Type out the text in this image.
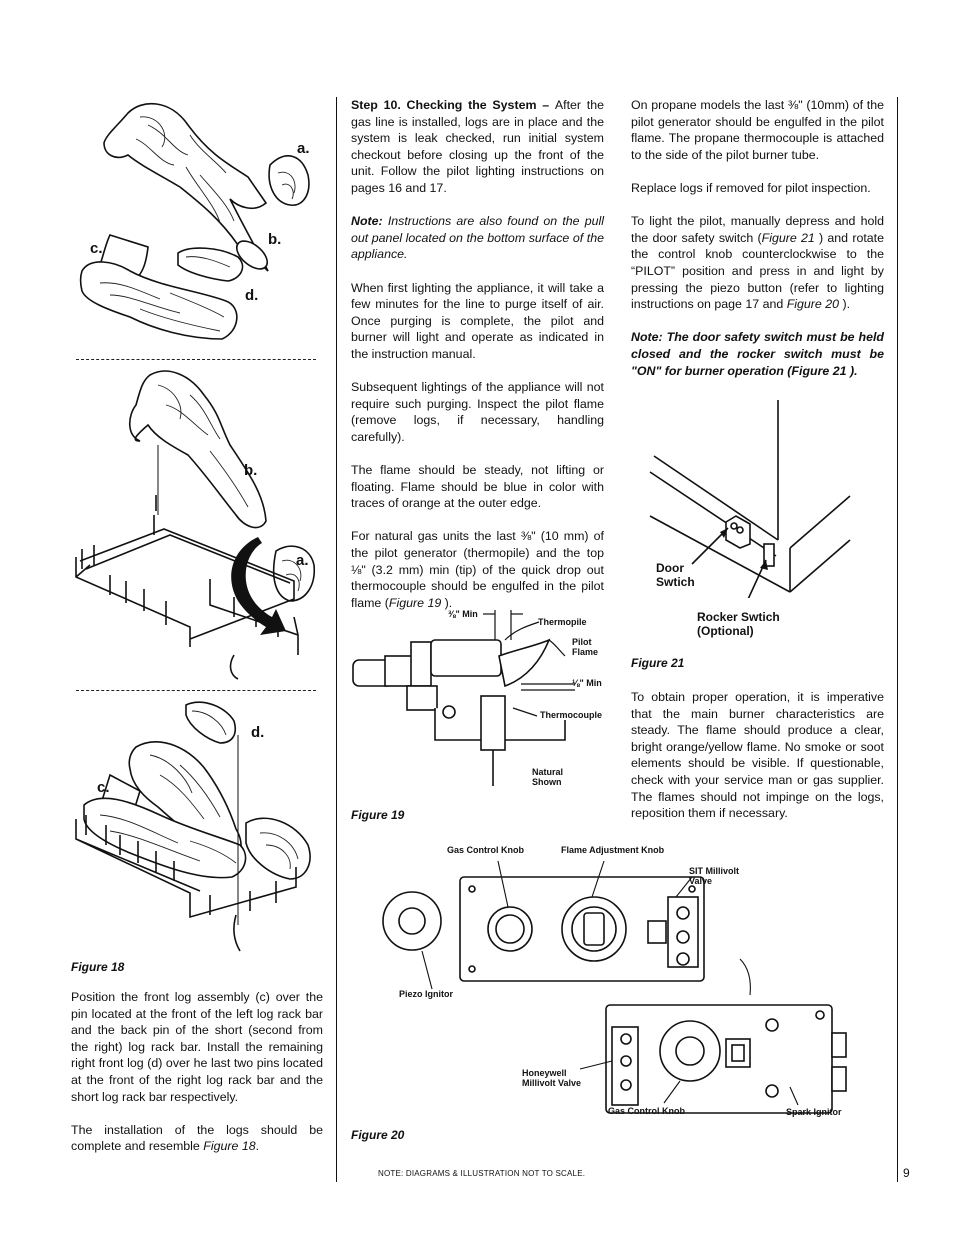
a.
b.
c.
d.
b.
a.
d.
c.
Figure 18

Position the front log assembly (c) over the pin located at the front of the left log rack bar and the back pin of the short (second from the right) log rack bar. Install the remaining right front log (d) over he last two pins located at the front of the right log rack bar and the short log rack bar respectively.

The installation of the logs should be complete and resemble Figure 18.

Step 10. Checking the System – After the gas line is installed, logs are in place and the system is leak checked, run initial system checkout before closing up the front of the unit. Follow the pilot lighting instructions on pages 16 and 17.

Note: Instructions are also found on the pull out panel located on the bottom surface of the appliance.

When first lighting the appliance, it will take a few minutes for the line to purge itself of air. Once purging is complete, the pilot and burner will light and operate as indicated in the instruction manual.

Subsequent lightings of the appliance will not require such purging. Inspect the pilot flame (remove logs, if necessary, handling carefully).

The flame should be steady, not lifting or floating. Flame should be blue in color with traces of orange at the outer edge.

For natural gas units the last ⅜" (10 mm) of the pilot generator (thermopile) and the top ⅛" (3.2 mm) min (tip) of the quick drop out thermocouple should be engulfed in the pilot flame (Figure 19 ).

⅜" Min
Thermopile
Pilot
Flame
⅛" Min
Thermocouple
Natural
Shown
Figure 19

On propane models the last ⅜" (10mm) of the pilot generator should be engulfed in the pilot flame. The propane thermocouple is attached to the side of the pilot burner tube.

Replace logs if removed for pilot inspection.

To light the pilot, manually depress and hold the door safety switch (Figure 21 ) and rotate the control knob counterclockwise to the “PILOT” position and press in and light by pressing the piezo button (refer to lighting instructions on page 17 and Figure 20 ).

Note: The door safety switch must be held closed and the rocker switch must be "ON" for burner operation (Figure 21 ).

Door
Swtich
Rocker Swtich
(Optional)
Figure 21

To obtain proper operation, it is imperative that the main burner characteristics are steady. The flame should produce a clear, bright orange/yellow flame. No smoke or soot elements should be visible. If questionable, check with your service man or gas supplier. The flames should not impinge on the logs, reposition them if necessary.

Gas Control Knob	Flame Adjustment Knob
SIT Millivolt
Valve
Piezo Ignitor
Honeywell
Millivolt Valve
Gas Control Knob	Spark Ignitor
Figure 20
NOTE: DIAGRAMS & ILLUSTRATION NOT TO SCALE.	9
